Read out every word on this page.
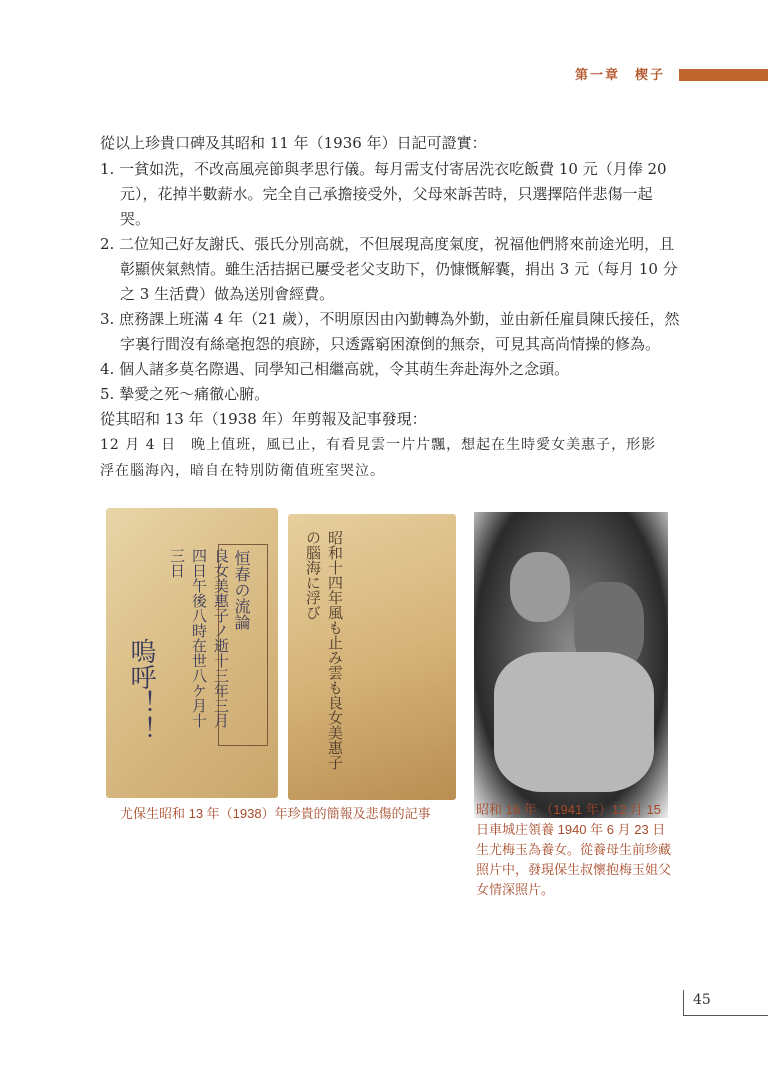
第一章　楔子
從以上珍貴口碑及其昭和 11 年（1936 年）日記可證實：
1. 一貧如洗，不改高風亮節與孝思行儀。每月需支付寄居洗衣吃飯費 10 元（月俸 20 元），花掉半數薪水。完全自己承擔接受外，父母來訴苦時，只選擇陪伴悲傷一起哭。
2. 二位知己好友謝氏、張氏分別高就，不但展現高度氣度，祝福他們將來前途光明，且彰顯俠氣熱情。雖生活拮据已屢受老父支助下，仍慷慨解囊，捐出 3 元（每月 10 分之 3 生活費）做為送別會經費。
3. 庶務課上班滿 4 年（21 歲），不明原因由內勤轉為外勤，並由新任雇員陳氏接任，然字裏行間沒有絲毫抱怨的痕跡，只透露窮困潦倒的無奈，可見其高尚情操的修為。
4. 個人諸多莫名際遇、同學知己相繼高就，令其萌生奔赴海外之念頭。
5. 摯愛之死～痛徹心腑。
從其昭和 13 年（1938 年）年剪報及記事發現：
12 月 4 日　晚上值班，風已止，有看見雲一片片飄，想起在生時愛女美惠子，形影浮在腦海內，暗自在特別防衛值班室哭泣。
恒春の流論
嗚呼！！
良女美惠子ノ逝十三年三月四日午後八時在世八ケ月十三日	昭和十四年風も止み雲も良女美惠子の腦海に浮び
尤保生昭和 13 年（1938）年珍貴的簡報及悲傷的記事	昭和 16 年 （1941 年）12 月 15 日車城庄領養 1940 年 6 月 23 日生尤梅玉為養女。從養母生前珍藏照片中，發現保生叔懷抱梅玉姐父女情深照片。
45
